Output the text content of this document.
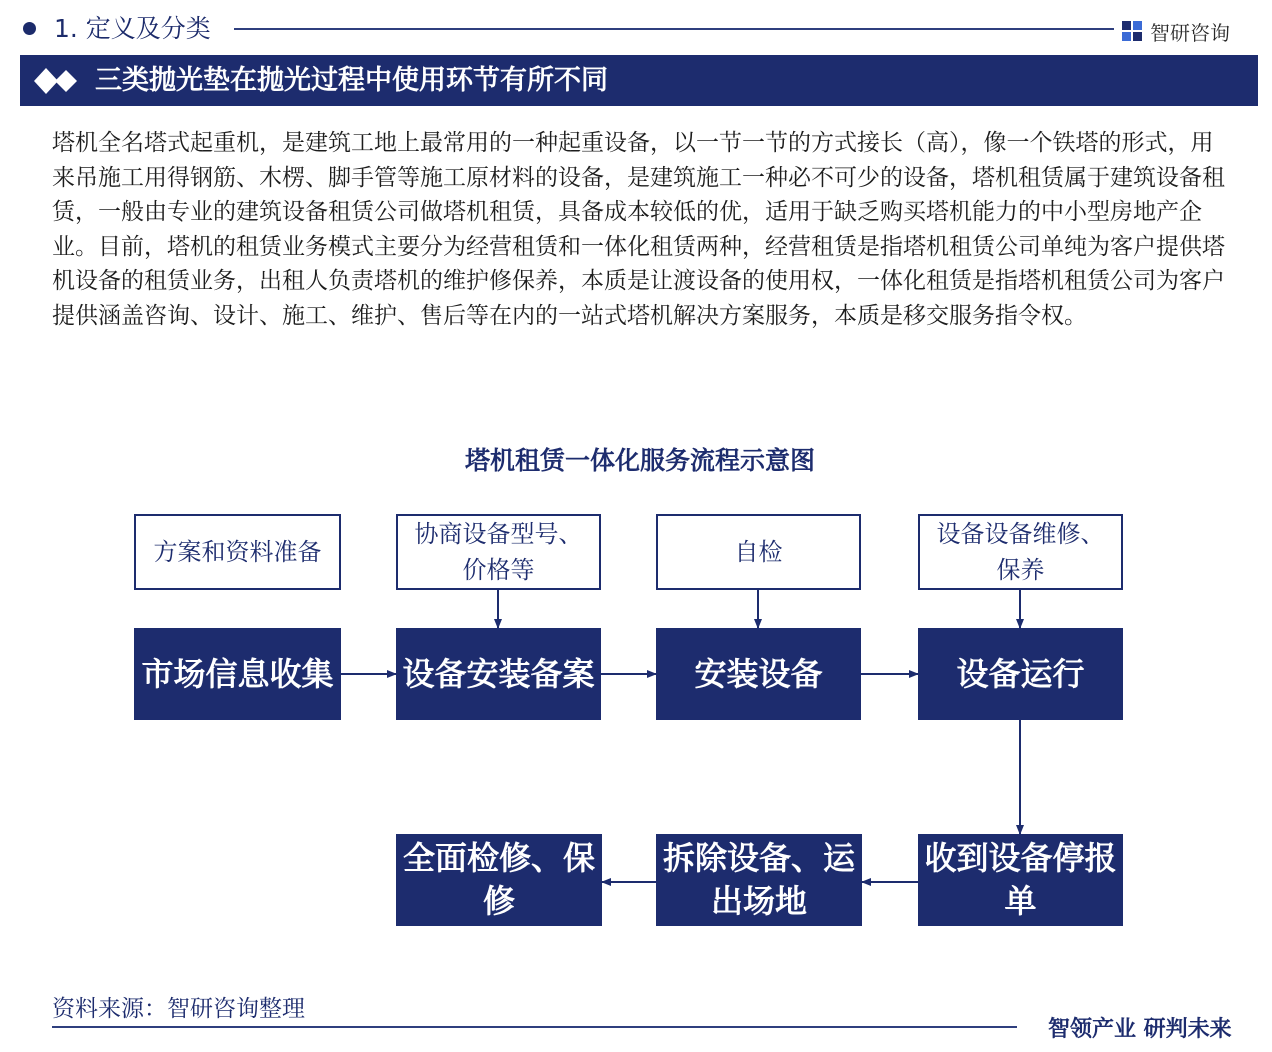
1. 定义及分类	智研咨询
三类抛光垫在抛光过程中使用环节有所不同
塔机全名塔式起重机，是建筑工地上最常用的一种起重设备，以一节一节的方式接长（高），像一个铁塔的形式，用来吊施工用得钢筋、木楞、脚手管等施工原材料的设备，是建筑施工一种必不可少的设备，塔机租赁属于建筑设备租赁，一般由专业的建筑设备租赁公司做塔机租赁，具备成本较低的优，适用于缺乏购买塔机能力的中小型房地产企业。目前，塔机的租赁业务模式主要分为经营租赁和一体化租赁两种，经营租赁是指塔机租赁公司单纯为客户提供塔机设备的租赁业务，出租人负责塔机的维护修保养，本质是让渡设备的使用权，一体化租赁是指塔机租赁公司为客户提供涵盖咨询、设计、施工、维护、售后等在内的一站式塔机解决方案服务，本质是移交服务指令权。
塔机租赁一体化服务流程示意图
方案和资料准备
协商设备型号、价格等
自检
设备设备维修、保养
市场信息收集 设备安装备案	安装设备	设备运行
收到设备停报单
拆除设备、运出场地
全面检修、保修
资料来源：智研咨询整理
智领产业 研判未来
